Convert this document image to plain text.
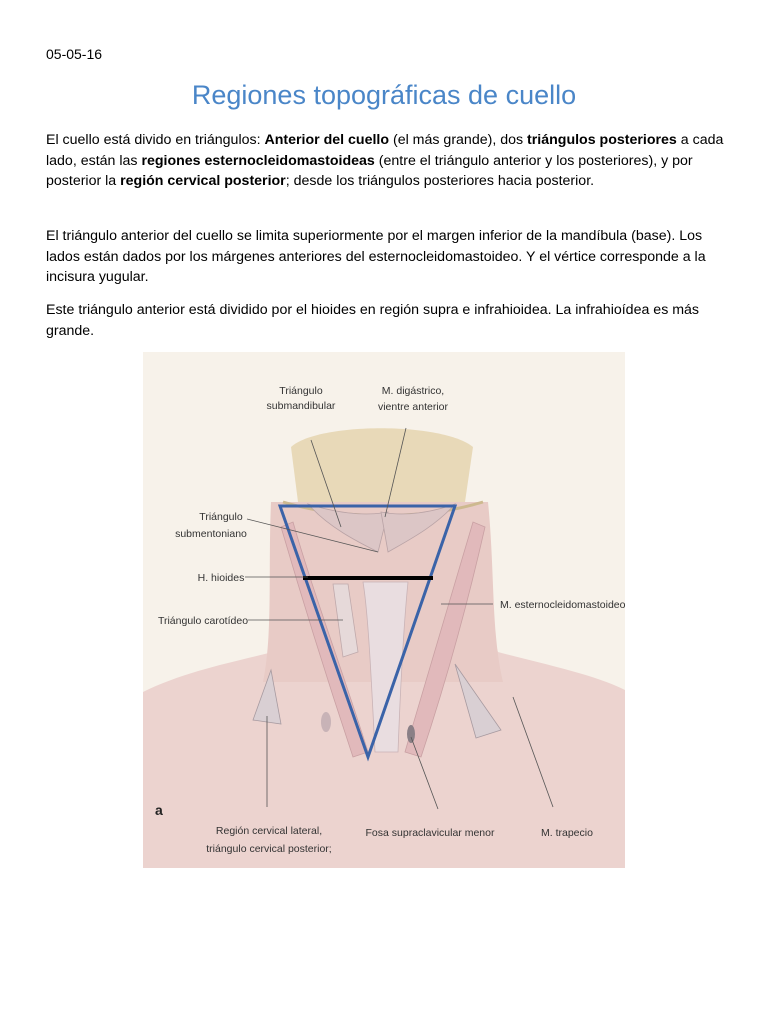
05-05-16
Regiones topográficas de cuello

El cuello está divido en triángulos: Anterior del cuello (el más grande), dos triángulos posteriores a cada lado, están las regiones esternocleidomastoideas (entre el triángulo anterior y los posteriores), y por posterior la región cervical posterior; desde los triángulos posteriores hacia posterior.

El triángulo anterior del cuello se limita superiormente por el margen inferior de la mandíbula (base). Los lados están dados por los márgenes anteriores del esternocleidomastoideo. Y el vértice corresponde a la incisura yugular.

Este triángulo anterior está dividido por el hioides en región supra e infrahioidea. La infrahioídea es más grande.

Triángulo
submandibular
M. digástrico,
vientre anterior
Triángulo
submentoniano
H. hioides
Triángulo carotídeo
M. esternocleidomastoideo
a
Región cervical lateral,
triángulo cervical posterior;
Fosa supraclavicular menor	M. trapecio
